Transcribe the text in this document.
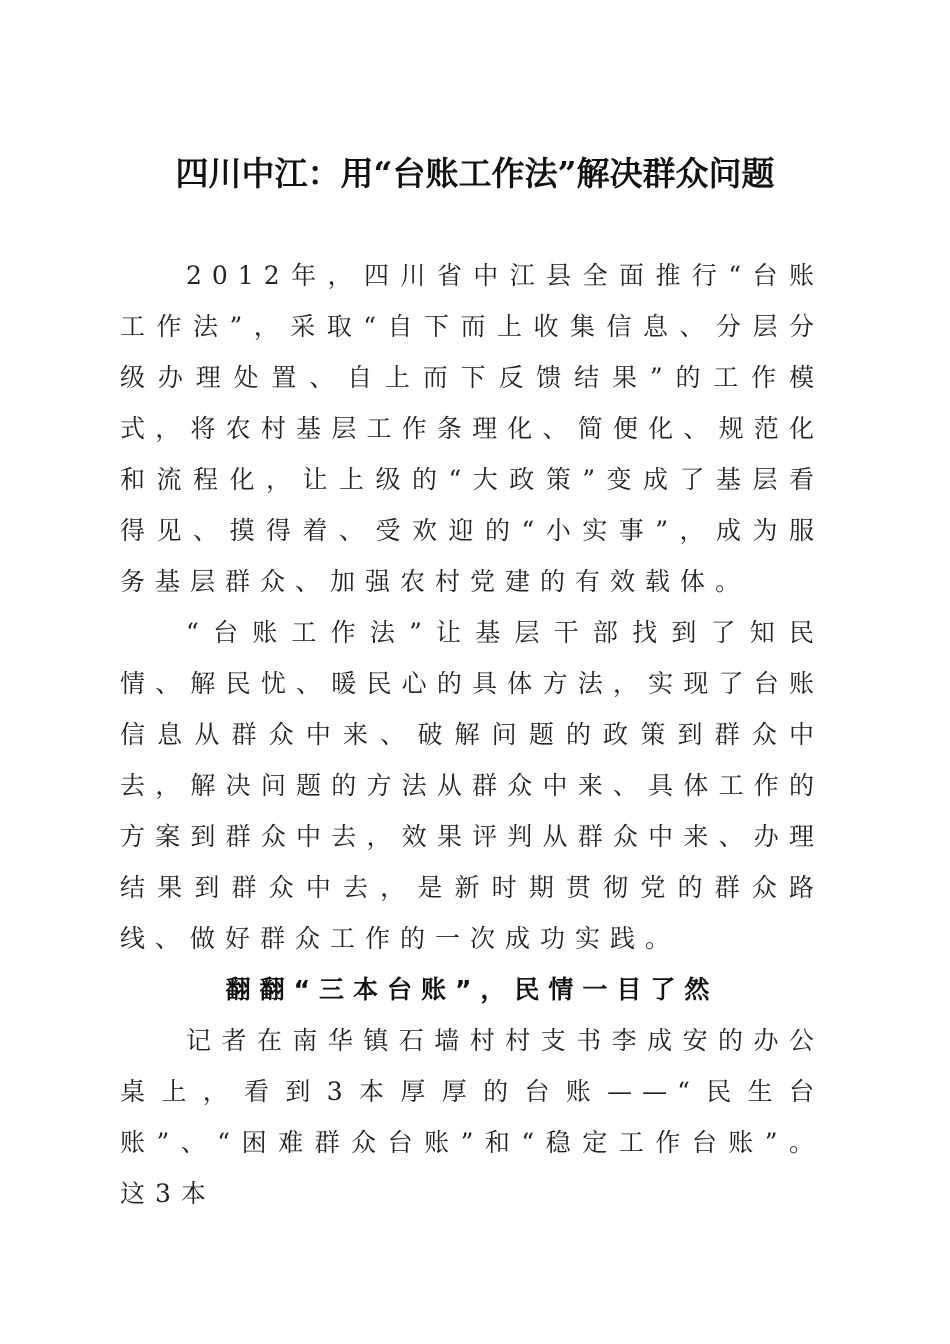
四川中江：用“台账工作法”解决群众问题

2012年，四川省中江县全面推行“台账工作法”，采取“自下而上收集信息、分层分级办理处置、自上而下反馈结果”的工作模式，将农村基层工作条理化、简便化、规范化和流程化，让上级的“大政策”变成了基层看得见、摸得着、受欢迎的“小实事”，成为服务基层群众、加强农村党建的有效载体。

“台账工作法”让基层干部找到了知民情、解民忧、暖民心的具体方法，实现了台账信息从群众中来、破解问题的政策到群众中去，解决问题的方法从群众中来、具体工作的方案到群众中去，效果评判从群众中来、办理结果到群众中去，是新时期贯彻党的群众路线、做好群众工作的一次成功实践。

翻翻“三本台账”，民情一目了然

记者在南华镇石墙村村支书李成安的办公桌上，看到3本厚厚的台账——“民生台账”、“困难群众台账”和“稳定工作台账”。这3本
